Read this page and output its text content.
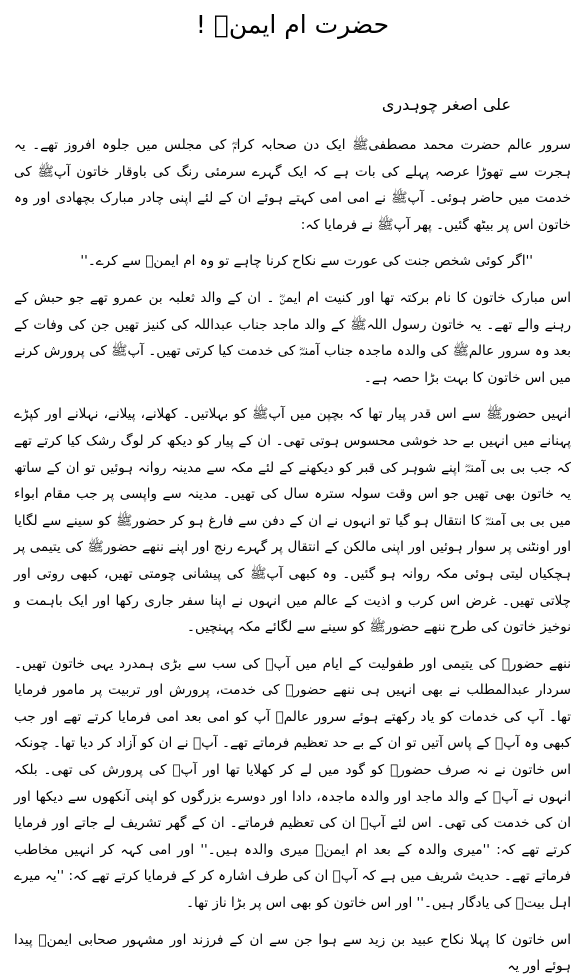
حضرت ام ایمنؓ !
علی اصغر چوہدری

سرور عالم حضرت محمد مصطفیﷺ ایک دن صحابہ کرامؓ کی مجلس میں جلوہ افروز تھے۔ یہ ہجرت سے تھوڑا عرصہ پہلے کی بات ہے کہ ایک گہرے سرمئی رنگ کی باوقار خاتون آپﷺ کی خدمت میں حاضر ہوئی۔ آپﷺ نے امی امی کہتے ہوئے ان کے لئے اپنی چادر مبارک بچھادی اور وہ خاتون اس پر بیٹھ گئیں۔ پھر آپﷺ نے فرمایا کہ:

''اگر کوئی شخص جنت کی عورت سے نکاح کرنا چاہے تو وہ ام ایمنؓ سے کرے۔''

اس مبارک خاتون کا نام برکتہ تھا اور کنیت ام ایمنؓ ۔ ان کے والد ثعلبہ بن عمرو تھے جو حبش کے رہنے والے تھے۔ یہ خاتون رسول اللہﷺ کے والد ماجد جناب عبداللہ کی کنیز تھیں جن کی وفات کے بعد وہ سرور عالمﷺ کی والدہ ماجدہ جناب آمنہؓ کی خدمت کیا کرتی تھیں۔ آپﷺ کی پرورش کرنے میں اس خاتون کا بہت بڑا حصہ ہے۔

انہیں حضورﷺ سے اس قدر پیار تھا کہ بچپن میں آپﷺ کو بہلاتیں۔ کھلانے، پیلانے، نہلانے اور کپڑے پہنانے میں انہیں بے حد خوشی محسوس ہوتی تھی۔ ان کے پیار کو دیکھ کر لوگ رشک کیا کرتے تھے کہ جب بی بی آمنہؓ اپنے شوہر کی قبر کو دیکھنے کے لئے مکہ سے مدینہ روانہ ہوئیں تو ان کے ساتھ یہ خاتون بھی تھیں جو اس وقت سولہ سترہ سال کی تھیں۔ مدینہ سے واپسی پر جب مقام ابواء میں بی بی آمنہؓ کا انتقال ہو گیا تو انہوں نے ان کے دفن سے فارغ ہو کر حضورﷺ کو سینے سے لگایا اور اونٹنی پر سوار ہوئیں اور اپنی مالکن کے انتقال پر گہرے رنج اور اپنے ننھے حضورﷺ کی یتیمی پر ہچکیاں لیتی ہوئی مکہ روانہ ہو گئیں۔ وہ کبھی آپﷺ کی پیشانی چومتی تھیں، کبھی روتی اور چلاتی تھیں۔ غرض اس کرب و اذیت کے عالم میں انہوں نے اپنا سفر جاری رکھا اور ایک باہمت و نوخیز خاتون کی طرح ننھے حضورﷺ کو سینے سے لگائے مکہ پہنچیں۔

ننھے حضورﷺ کی یتیمی اور طفولیت کے ایام میں آپﷺ کی سب سے بڑی ہمدرد یہی خاتون تھیں۔ سردار عبدالمطلب نے بھی انہیں ہی ننھے حضورﷺ کی خدمت، پرورش اور تربیت پر مامور فرمایا تھا۔ آپ کی خدمات کو یاد رکھتے ہوئے سرور عالمﷺ آپ کو امی بعد امی فرمایا کرتے تھے اور جب کبھی وہ آپﷺ کے پاس آتیں تو ان کے بے حد تعظیم فرماتے تھے۔ آپﷺ نے ان کو آزاد کر دیا تھا۔ چونکہ اس خاتون نے نہ صرف حضورﷺ کو گود میں لے کر کھلایا تھا اور آپﷺ کی پرورش کی تھی۔ بلکہ انہوں نے آپﷺ کے والد ماجد اور والدہ ماجدہ، دادا اور دوسرے بزرگوں کو اپنی آنکھوں سے دیکھا اور ان کی خدمت کی تھی۔ اس لئے آپﷺ ان کی تعظیم فرماتے۔ ان کے گھر تشریف لے جاتے اور فرمایا کرتے تھے کہ: ''میری والدہ کے بعد ام ایمنؓ میری والدہ ہیں۔'' اور امی کہہ کر انہیں مخاطب فرماتے تھے۔ حدیث شریف میں ہے کہ آپﷺ ان کی طرف اشارہ کر کے فرمایا کرتے تھے کہ: ''یہ میرے اہل بیتؓ کی یادگار ہیں۔'' اور اس خاتون کو بھی اس پر بڑا ناز تھا۔

اس خاتون کا پہلا نکاح عبید بن زید سے ہوا جن سے ان کے فرزند اور مشہور صحابی ایمنؓ پیدا ہوئے اور یہ
